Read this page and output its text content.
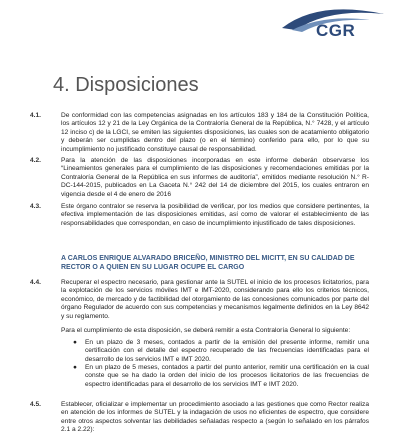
CGR
4. Disposiciones
4.1.	De conformidad con las competencias asignadas en los artículos 183 y 184 de la Constitución Política, los artículos 12 y 21 de la Ley Orgánica de la Contraloría General de la República, N.° 7428, y el artículo 12 inciso c) de la LGCI, se emiten las siguientes disposiciones, las cuales son de acatamiento obligatorio y deberán ser cumplidas dentro del plazo (o en el término) conferido para ello, por lo que su incumplimiento no justificado constituye causal de responsabilidad.
4.2.	Para la atención de las disposiciones incorporadas en este informe deberán observarse los “Lineamientos generales para el cumplimiento de las disposiciones y recomendaciones emitidas por la Contraloría General de la República en sus informes de auditoría”, emitidos mediante resolución N.° R-DC-144-2015, publicados en La Gaceta N.° 242 del 14 de diciembre del 2015, los cuales entraron en vigencia desde el 4 de enero de 2016
4.3.	Este órgano contralor se reserva la posibilidad de verificar, por los medios que considere pertinentes, la efectiva implementación de las disposiciones emitidas, así como de valorar el establecimiento de las responsabilidades que correspondan, en caso de incumplimiento injustificado de tales disposiciones.
A CARLOS ENRIQUE ALVARADO BRICEÑO, MINISTRO DEL MICITT, EN SU CALIDAD DE RECTOR O A QUIEN EN SU LUGAR OCUPE EL CARGO
4.4.	Recuperar el espectro necesario, para gestionar ante la SUTEL el inicio de los procesos licitatorios, para la explotación de los servicios móviles IMT e IMT-2020, considerando para ello los criterios técnicos, económico, de mercado y de factibilidad del otorgamiento de las concesiones comunicados por parte del órgano Regulador de acuerdo con sus competencias y mecanismos legalmente definidos en la Ley 8642 y su reglamento.
Para el cumplimiento de esta disposición, se deberá remitir a esta Contraloría General lo siguiente:
● En un plazo de 3 meses, contados a partir de la emisión del presente informe, remitir una certificación con el detalle del espectro recuperado de las frecuencias identificadas para el desarrollo de los servicios IMT e IMT 2020.
● En un plazo de 5 meses, contados a partir del punto anterior, remitir una certificación en la cual conste que se ha dado la orden del inicio de los procesos licitatorios de las frecuencias de espectro identificadas para el desarrollo de los servicios IMT e IMT 2020.
4.5.	Establecer, oficializar e implementar un procedimiento asociado a las gestiones que como Rector realiza en atención de los informes de SUTEL y la indagación de usos no eficientes de espectro, que considere entre otros aspectos solventar las debilidades señaladas respecto a (según lo señalado en los párrafos 2.1 a 2.22):
